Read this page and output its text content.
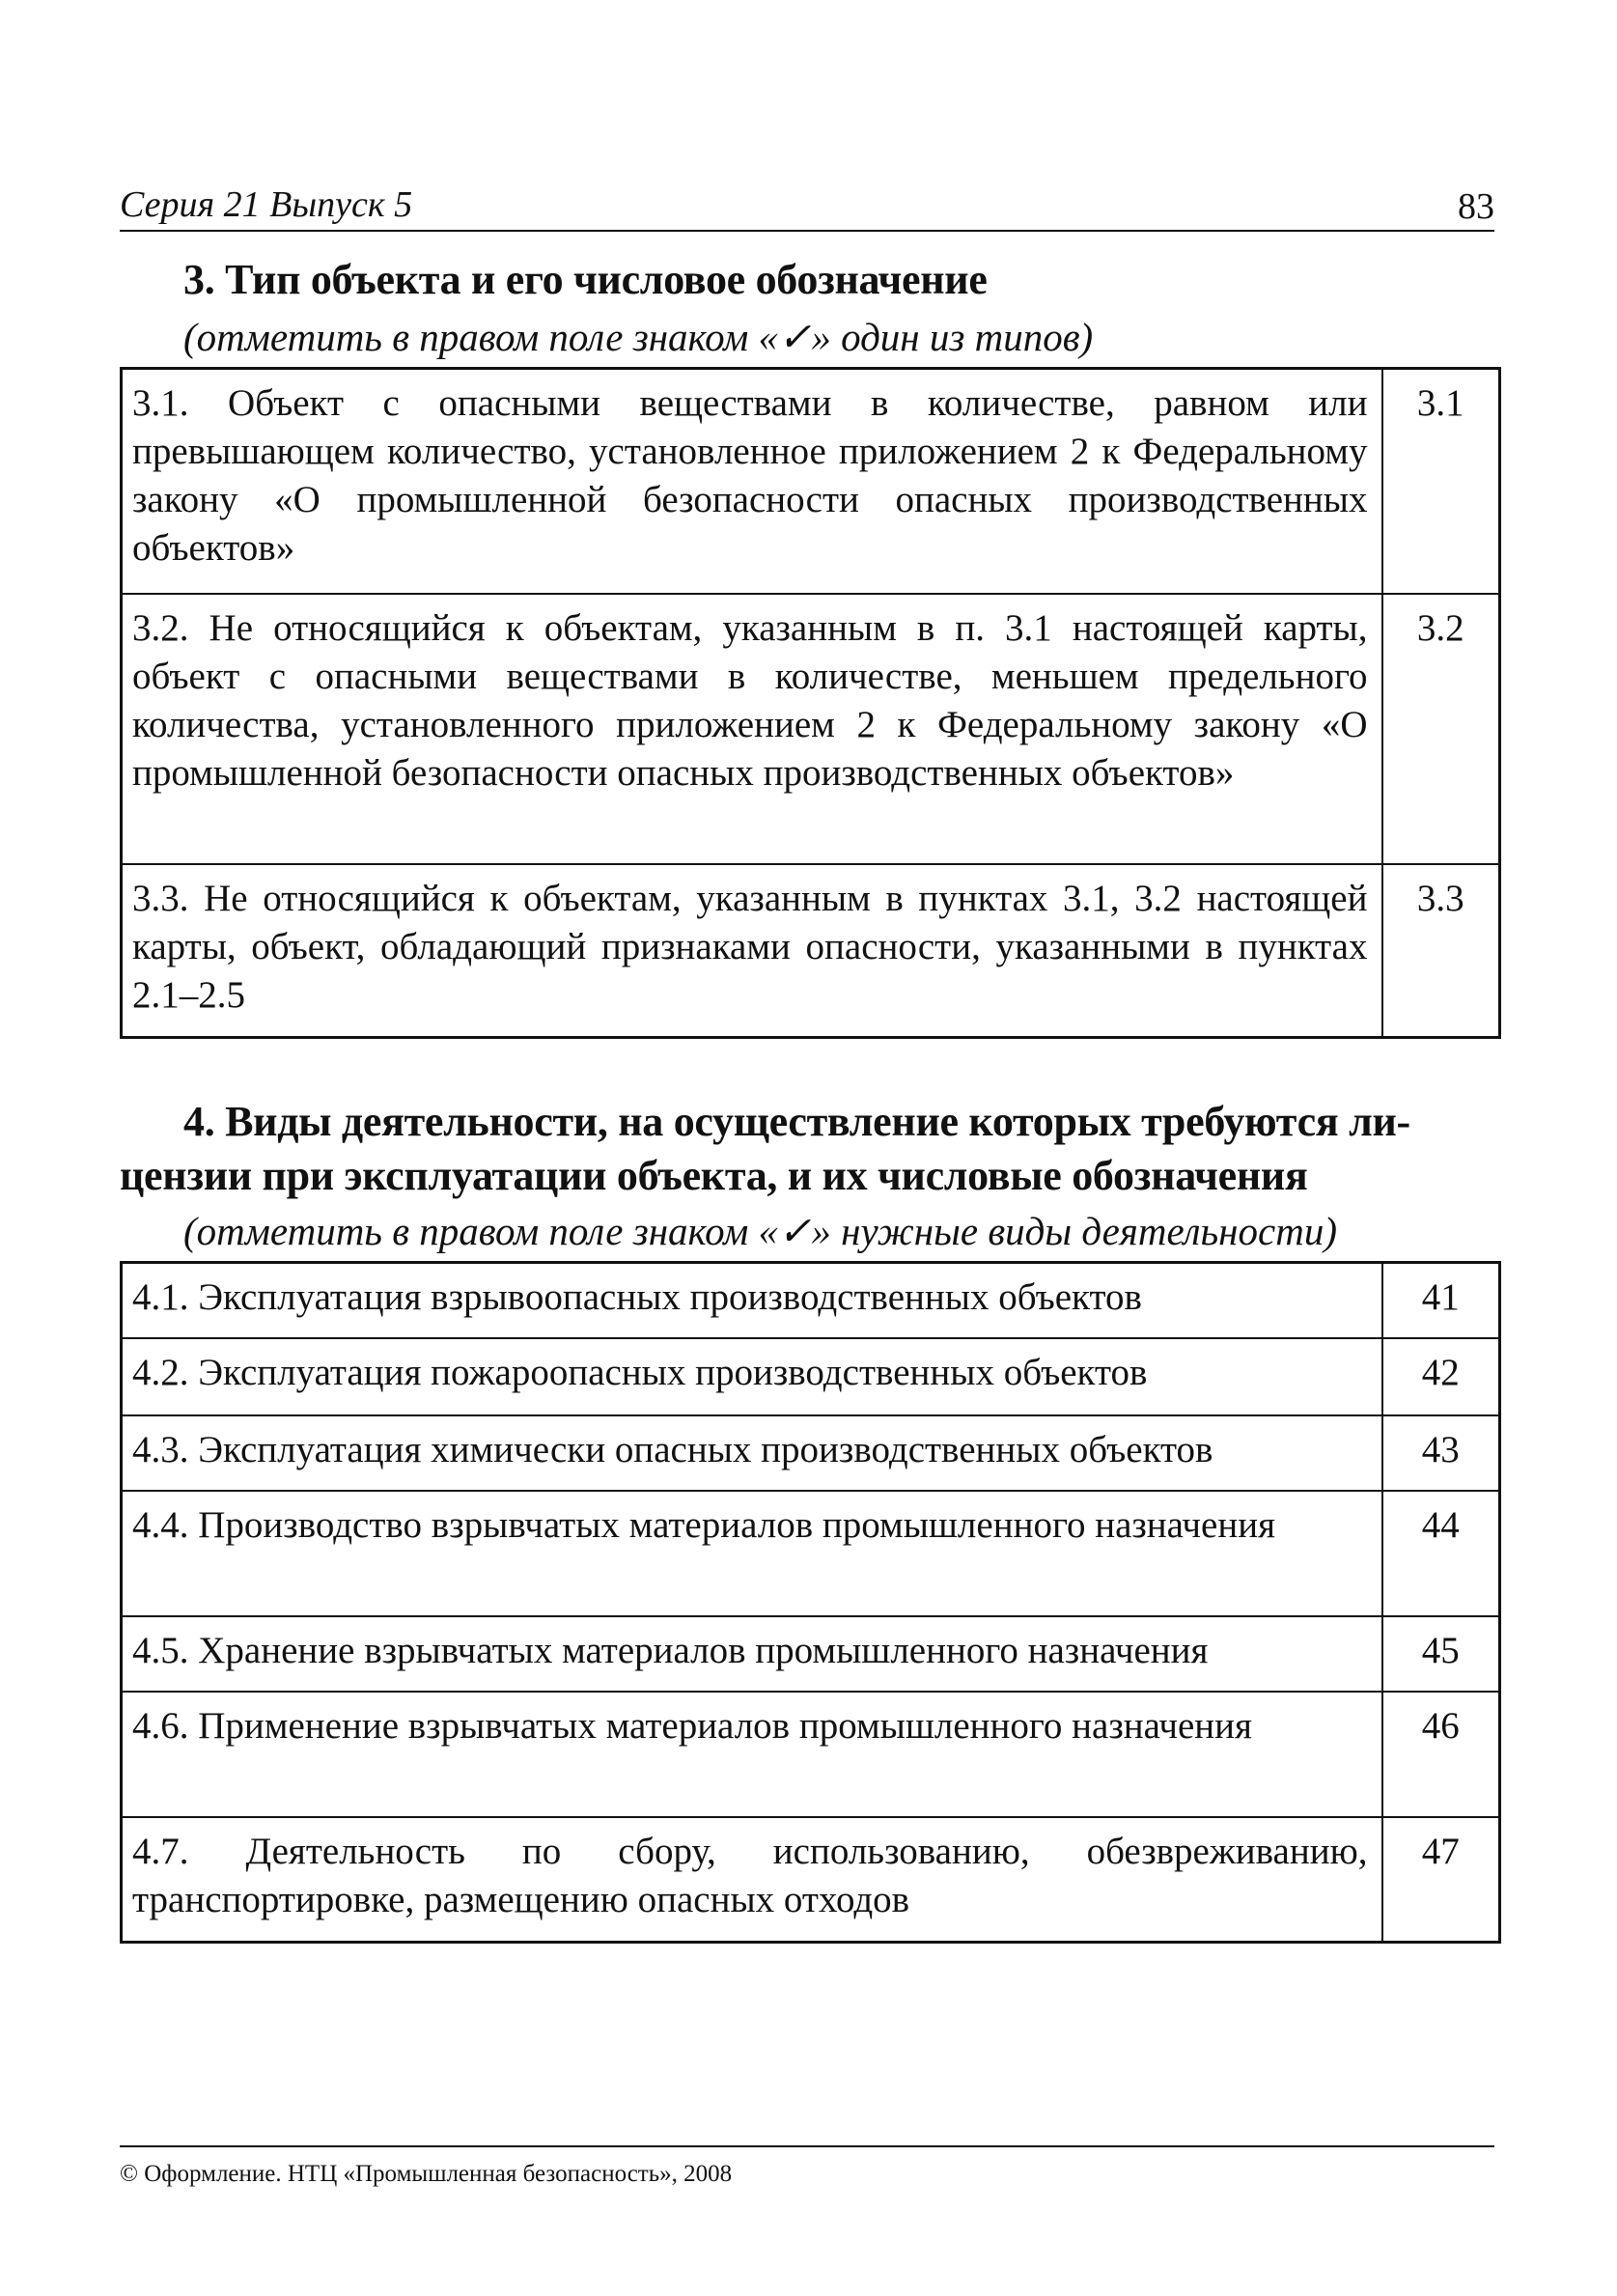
Серия 21 Выпуск 5	83
3. Тип объекта и его числовое обозначение
(отметить в правом поле знаком «✓» один из типов)
3.1. Объект с опасными веществами в количестве, равном или превышающем количество, установленное приложением 2 к Федеральному закону «О промышленной безопасности опасных производственных объектов»	3.1
3.2. Не относящийся к объектам, указанным в п. 3.1 настоящей карты, объект с опасными веществами в количестве, меньшем предельного количества, установленного приложением 2 к Федеральному закону «О промышленной безопасности опасных производственных объектов»	3.2
3.3. Не относящийся к объектам, указанным в пунктах 3.1, 3.2 настоящей карты, объект, обладающий признаками опасности, указанными в пунктах 2.1–2.5	3.3
4. Виды деятельности, на осуществление которых требуются ли-
цензии при эксплуатации объекта, и их числовые обозначения
(отметить в правом поле знаком «✓» нужные виды деятельности)
4.1. Эксплуатация взрывоопасных производственных объектов	41
4.2. Эксплуатация пожароопасных производственных объектов	42
4.3. Эксплуатация химически опасных производственных объектов	43
4.4. Производство взрывчатых материалов промышленного назначения	44
4.5. Хранение взрывчатых материалов промышленного назначения	45
4.6. Применение взрывчатых материалов промышленного назначения	46
4.7. Деятельность по сбору, использованию, обезвреживанию, транспортировке, размещению опасных отходов	47
© Оформление. НТЦ «Промышленная безопасность», 2008
